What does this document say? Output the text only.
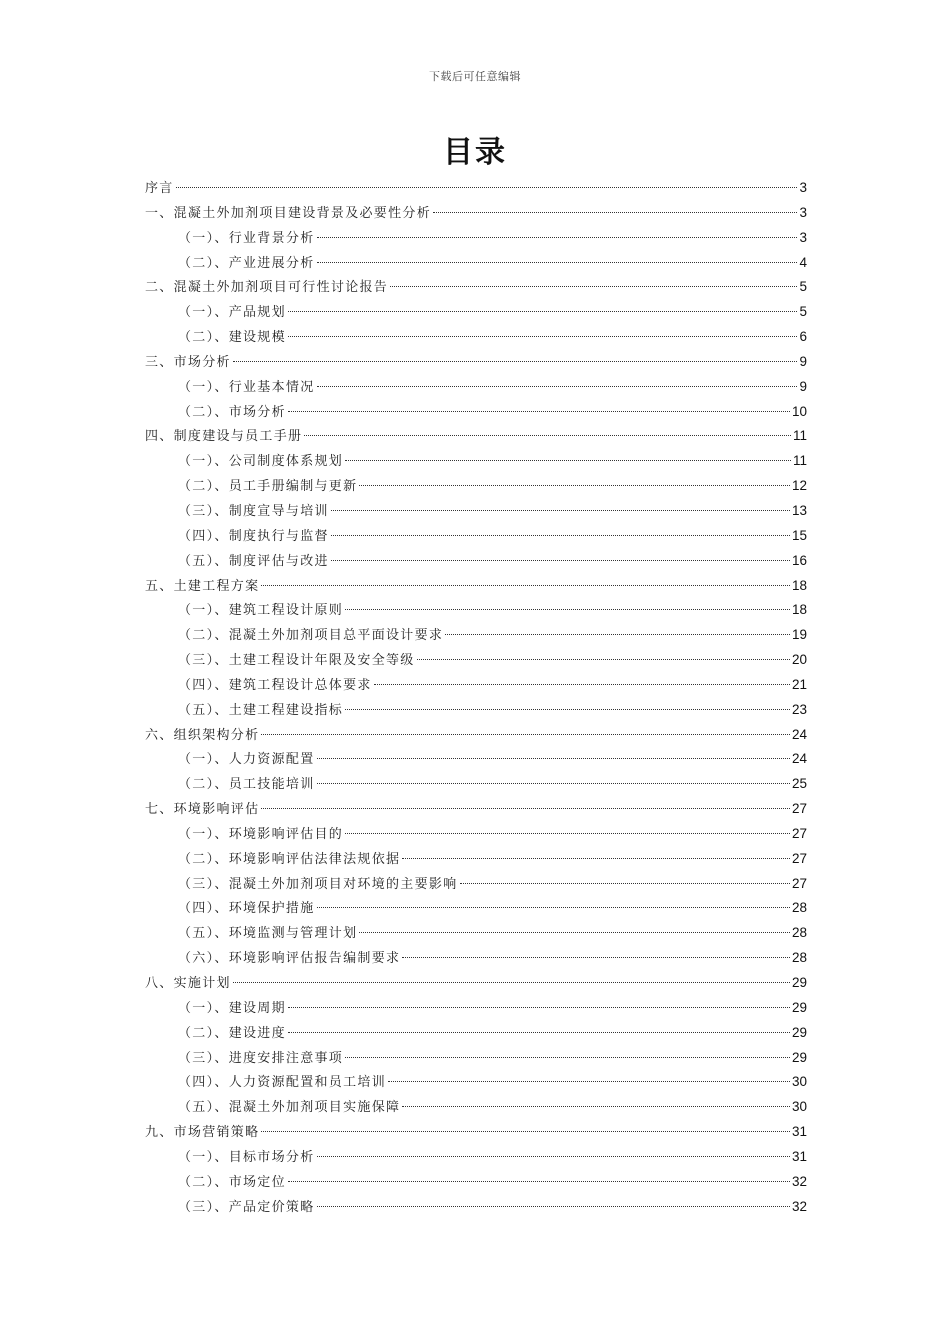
下载后可任意编辑
目录
序言	3
一、混凝土外加剂项目建设背景及必要性分析	3
（一）、行业背景分析	3
（二）、产业进展分析	4
二、混凝土外加剂项目可行性讨论报告	5
（一）、产品规划	5
（二）、建设规模	6
三、市场分析	9
（一）、行业基本情况	9
（二）、市场分析	10
四、制度建设与员工手册	11
（一）、公司制度体系规划	11
（二）、员工手册编制与更新	12
（三）、制度宣导与培训	13
（四）、制度执行与监督	15
（五）、制度评估与改进	16
五、土建工程方案	18
（一）、建筑工程设计原则	18
（二）、混凝土外加剂项目总平面设计要求	19
（三）、土建工程设计年限及安全等级	20
（四）、建筑工程设计总体要求	21
（五）、土建工程建设指标	23
六、组织架构分析	24
（一）、人力资源配置	24
（二）、员工技能培训	25
七、环境影响评估	27
（一）、环境影响评估目的	27
（二）、环境影响评估法律法规依据	27
（三）、混凝土外加剂项目对环境的主要影响	27
（四）、环境保护措施	28
（五）、环境监测与管理计划	28
（六）、环境影响评估报告编制要求	28
八、实施计划	29
（一）、建设周期	29
（二）、建设进度	29
（三）、进度安排注意事项	29
（四）、人力资源配置和员工培训	30
（五）、混凝土外加剂项目实施保障	30
九、市场营销策略	31
（一）、目标市场分析	31
（二）、市场定位	32
（三）、产品定价策略	32
